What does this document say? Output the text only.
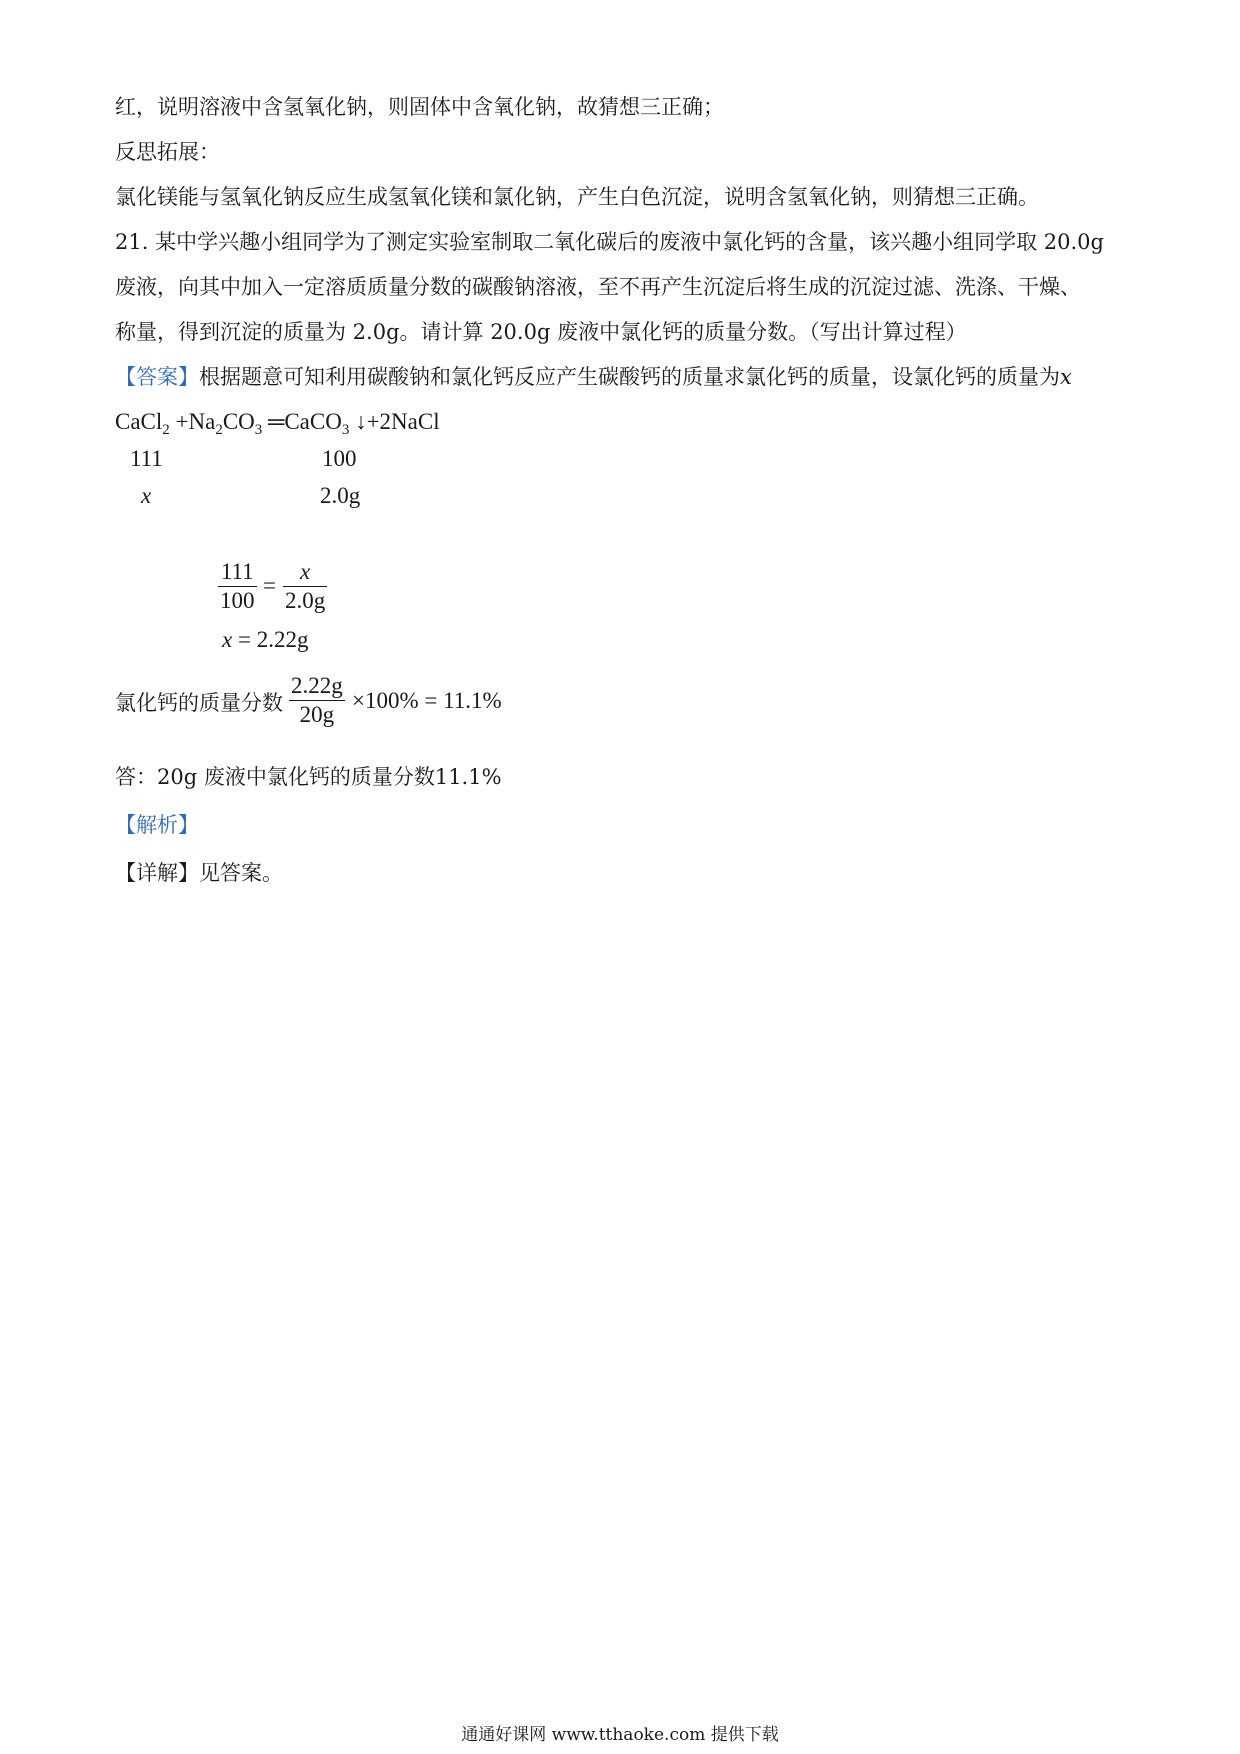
红，说明溶液中含氢氧化钠，则固体中含氧化钠，故猜想三正确；
反思拓展：
氯化镁能与氢氧化钠反应生成氢氧化镁和氯化钠，产生白色沉淀，说明含氢氧化钠，则猜想三正确。
21. 某中学兴趣小组同学为了测定实验室制取二氧化碳后的废液中氯化钙的含量，该兴趣小组同学取 20.0g
废液，向其中加入一定溶质质量分数的碳酸钠溶液，至不再产生沉淀后将生成的沉淀过滤、洗涤、干燥、
称量，得到沉淀的质量为 2.0g。请计算 20.0g 废液中氯化钙的质量分数。（写出计算过程）
【答案】根据题意可知利用碳酸钠和氯化钙反应产生碳酸钙的质量求氯化钙的质量，设氯化钙的质量为x
CaCl$_2$ $+Na_2CO_3$ ═CaCO$_3$ ↓+2NaCl
111	100
x	2.0g
$\frac{111}{100} = \frac{x}{2.0g}$
x = 2.22g
氯化钙的质量分数 $\frac{2.22g}{20g} \times 100\% = 11.1\%$
答：20g 废液中氯化钙的质量分数11.1%
【解析】
【详解】见答案。
通通好课网 www.tthaoke.com 提供下载
